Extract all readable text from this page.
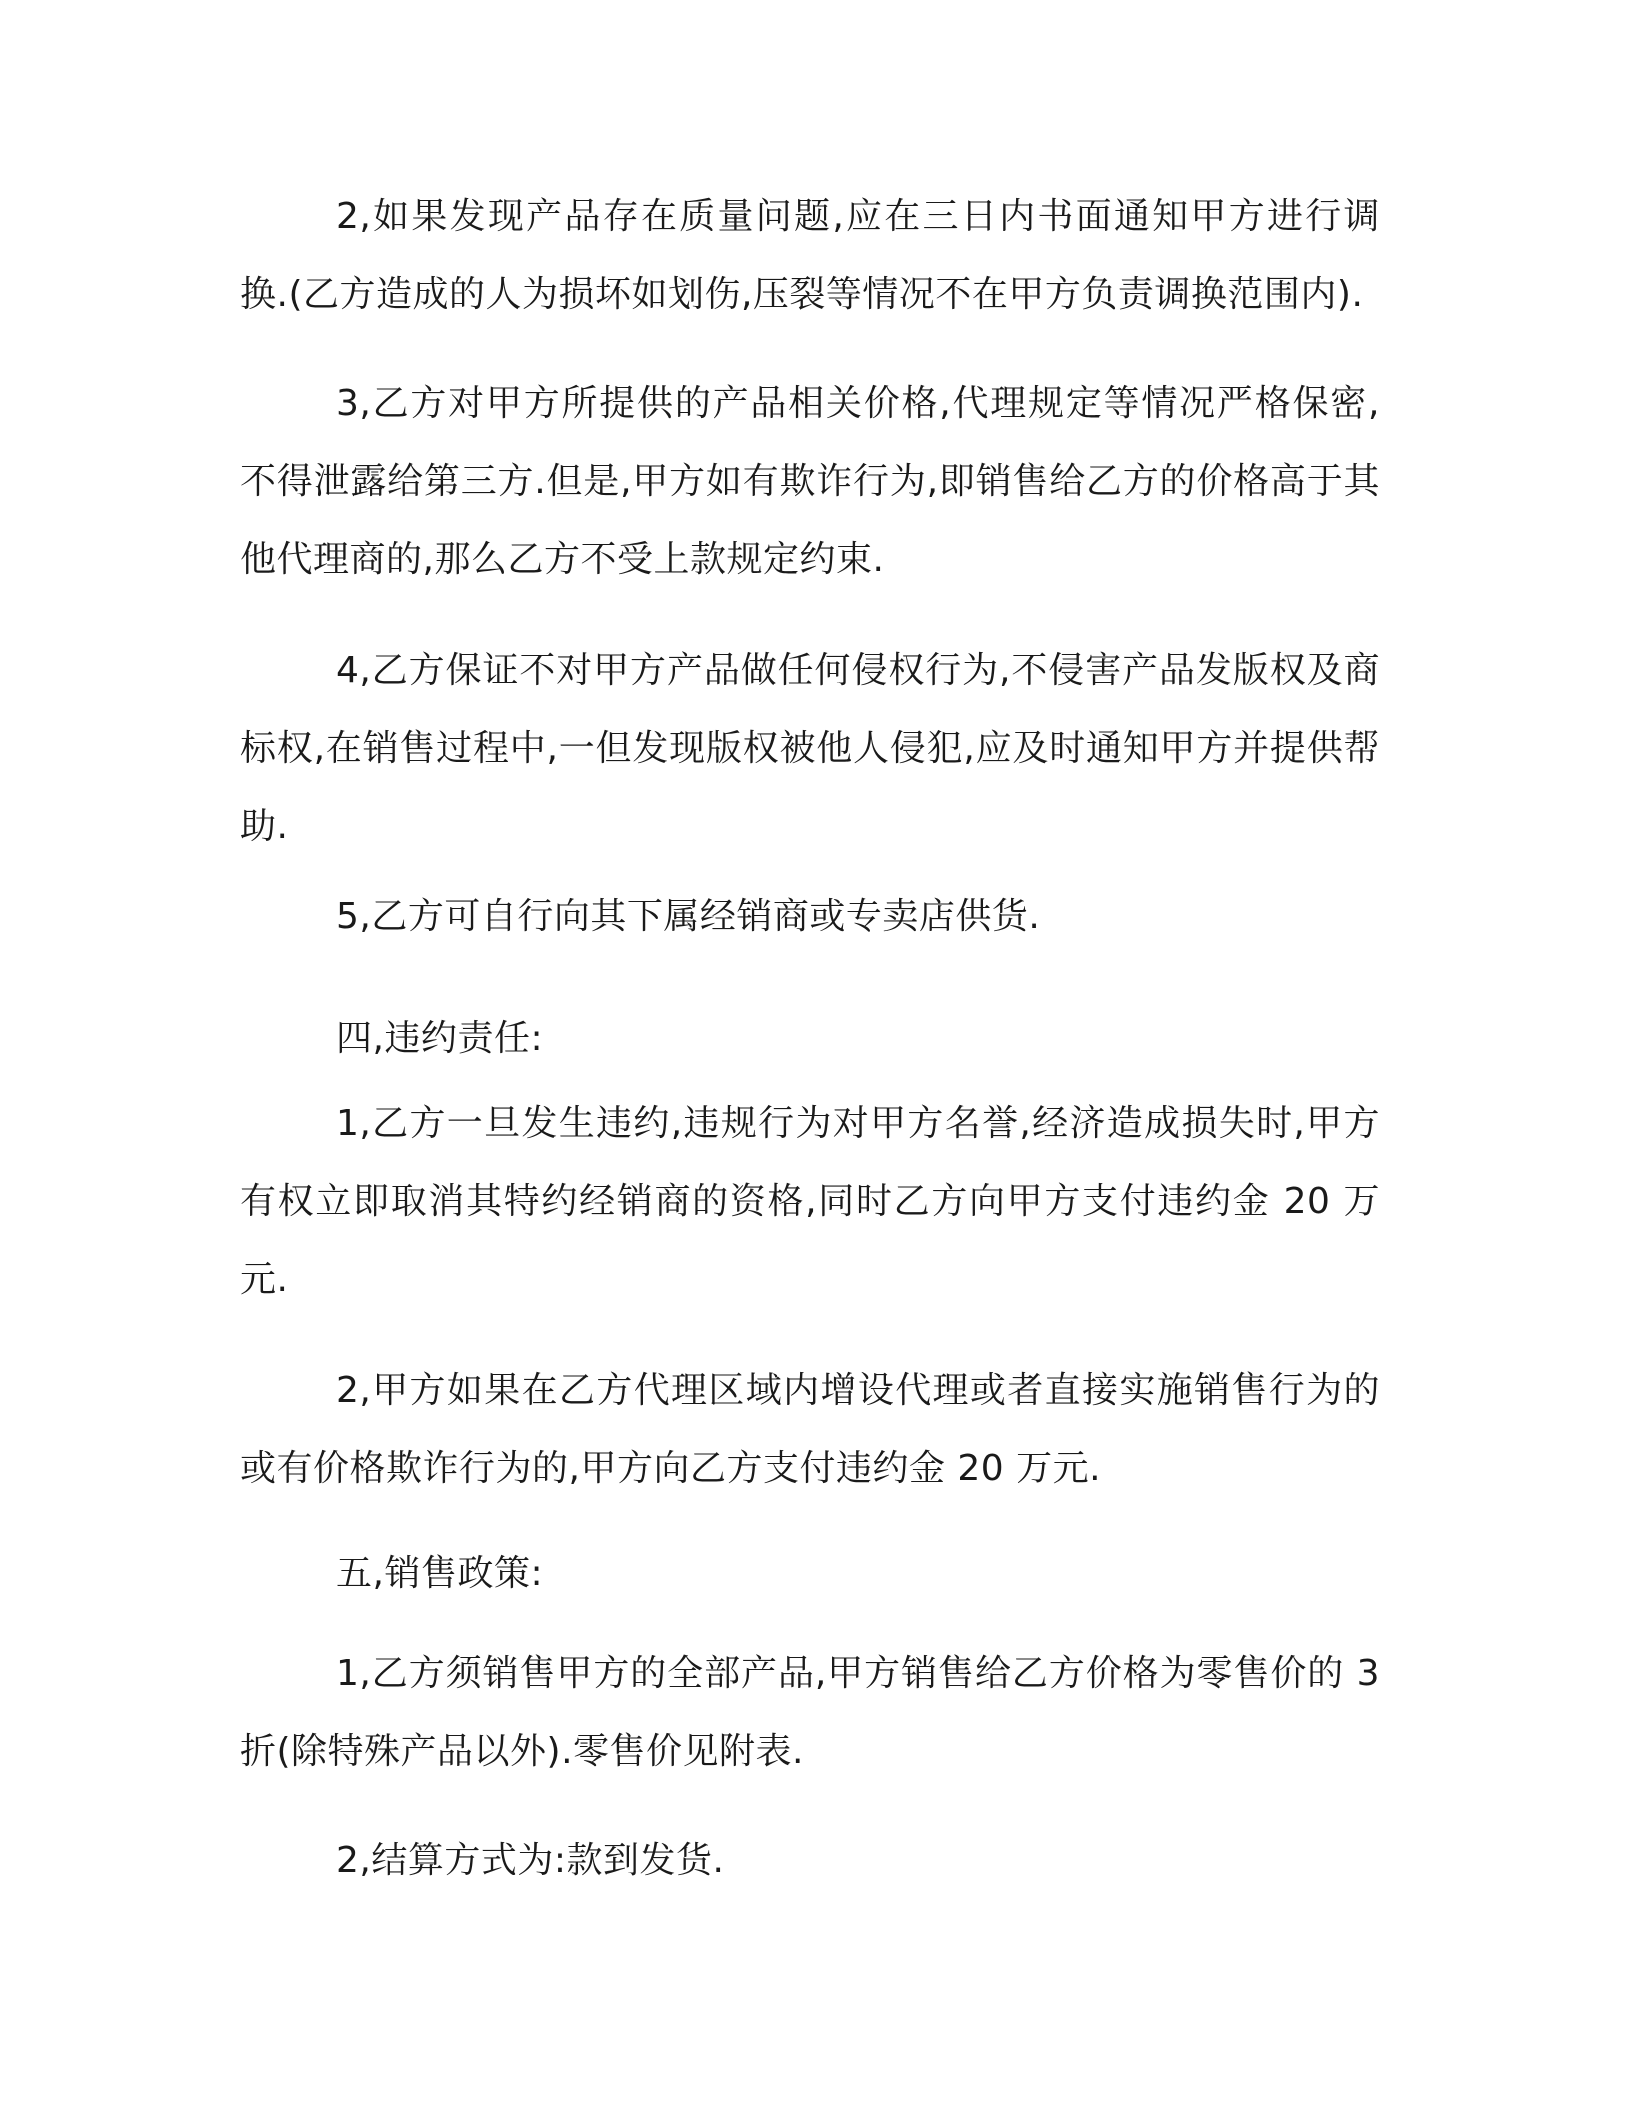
2,如果发现产品存在质量问题,应在三日内书面通知甲方进行调换.(乙方造成的人为损坏如划伤,压裂等情况不在甲方负责调换范围内).

3,乙方对甲方所提供的产品相关价格,代理规定等情况严格保密,不得泄露给第三方.但是,甲方如有欺诈行为,即销售给乙方的价格高于其他代理商的,那么乙方不受上款规定约束.

4,乙方保证不对甲方产品做任何侵权行为,不侵害产品发版权及商标权,在销售过程中,一但发现版权被他人侵犯,应及时通知甲方并提供帮助.

5,乙方可自行向其下属经销商或专卖店供货.

四,违约责任:

1,乙方一旦发生违约,违规行为对甲方名誉,经济造成损失时,甲方有权立即取消其特约经销商的资格,同时乙方向甲方支付违约金 20 万元.

2,甲方如果在乙方代理区域内增设代理或者直接实施销售行为的或有价格欺诈行为的,甲方向乙方支付违约金 20 万元.

五,销售政策:

1,乙方须销售甲方的全部产品,甲方销售给乙方价格为零售价的 3 折(除特殊产品以外).零售价见附表.

2,结算方式为:款到发货.
